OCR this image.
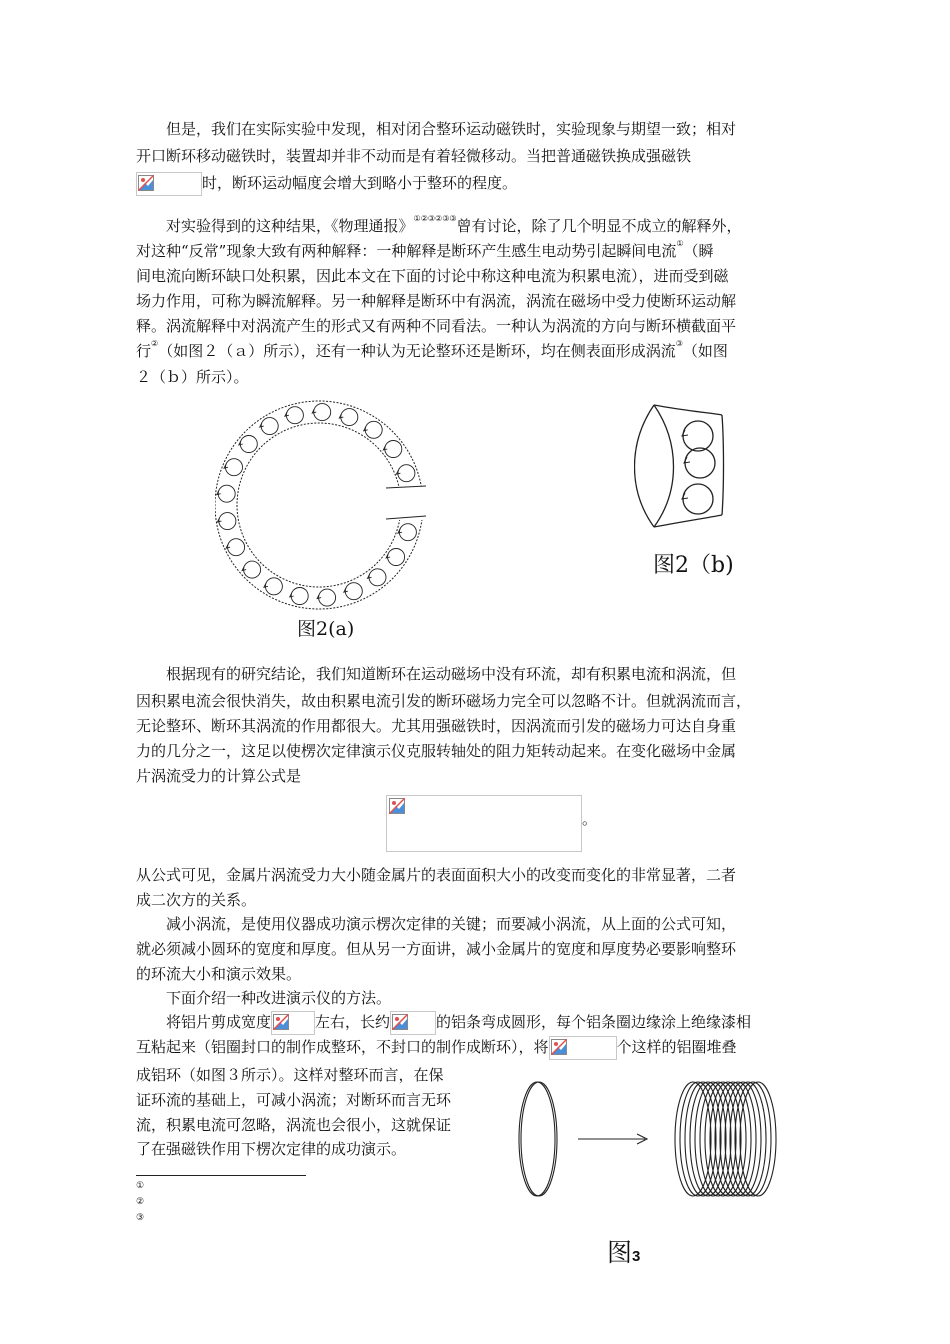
但是，我们在实际实验中发现，相对闭合整环运动磁铁时，实验现象与期望一致；相对
开口断环移动磁铁时，装置却并非不动而是有着轻微移动。当把普通磁铁换成强磁铁
时，断环运动幅度会增大到略小于整环的程度。
对实验得到的这种结果，《物理通报》①②③②③③曾有讨论，除了几个明显不成立的解释外，
对这种“反常”现象大致有两种解释：一种解释是断环产生感生电动势引起瞬间电流①（瞬
间电流向断环缺口处积累，因此本文在下面的讨论中称这种电流为积累电流），进而受到磁
场力作用，可称为瞬流解释。另一种解释是断环中有涡流，涡流在磁场中受力使断环运动解
释。涡流解释中对涡流产生的形式又有两种不同看法。一种认为涡流的方向与断环横截面平
行②（如图２（ａ）所示），还有一种认为无论整环还是断环，均在侧表面形成涡流③（如图
２（ｂ）所示）。
图2(a)
图2（b)
根据现有的研究结论，我们知道断环在运动磁场中没有环流，却有积累电流和涡流，但
因积累电流会很快消失，故由积累电流引发的断环磁场力完全可以忽略不计。但就涡流而言，
无论整环、断环其涡流的作用都很大。尤其用强磁铁时，因涡流而引发的磁场力可达自身重
力的几分之一，这足以使楞次定律演示仪克服转轴处的阻力矩转动起来。在变化磁场中金属
片涡流受力的计算公式是
。
从公式可见，金属片涡流受力大小随金属片的表面面积大小的改变而变化的非常显著，二者
成二次方的关系。
减小涡流，是使用仪器成功演示楞次定律的关键；而要减小涡流，从上面的公式可知，
就必须减小圆环的宽度和厚度。但从另一方面讲，减小金属片的宽度和厚度势必要影响整环
的环流大小和演示效果。
下面介绍一种改进演示仪的方法。
将铝片剪成宽度	左右，长约	的铝条弯成圆形，每个铝条圈边缘涂上绝缘漆相
互粘起来（铝圈封口的制作成整环，不封口的制作成断环），将	个这样的铝圈堆叠
成铝环（如图３所示）。这样对整环而言，在保
证环流的基础上，可减小涡流；对断环而言无环
流，积累电流可忽略，涡流也会很小，这就保证
了在强磁铁作用下楞次定律的成功演示。
图3
①
②
③
